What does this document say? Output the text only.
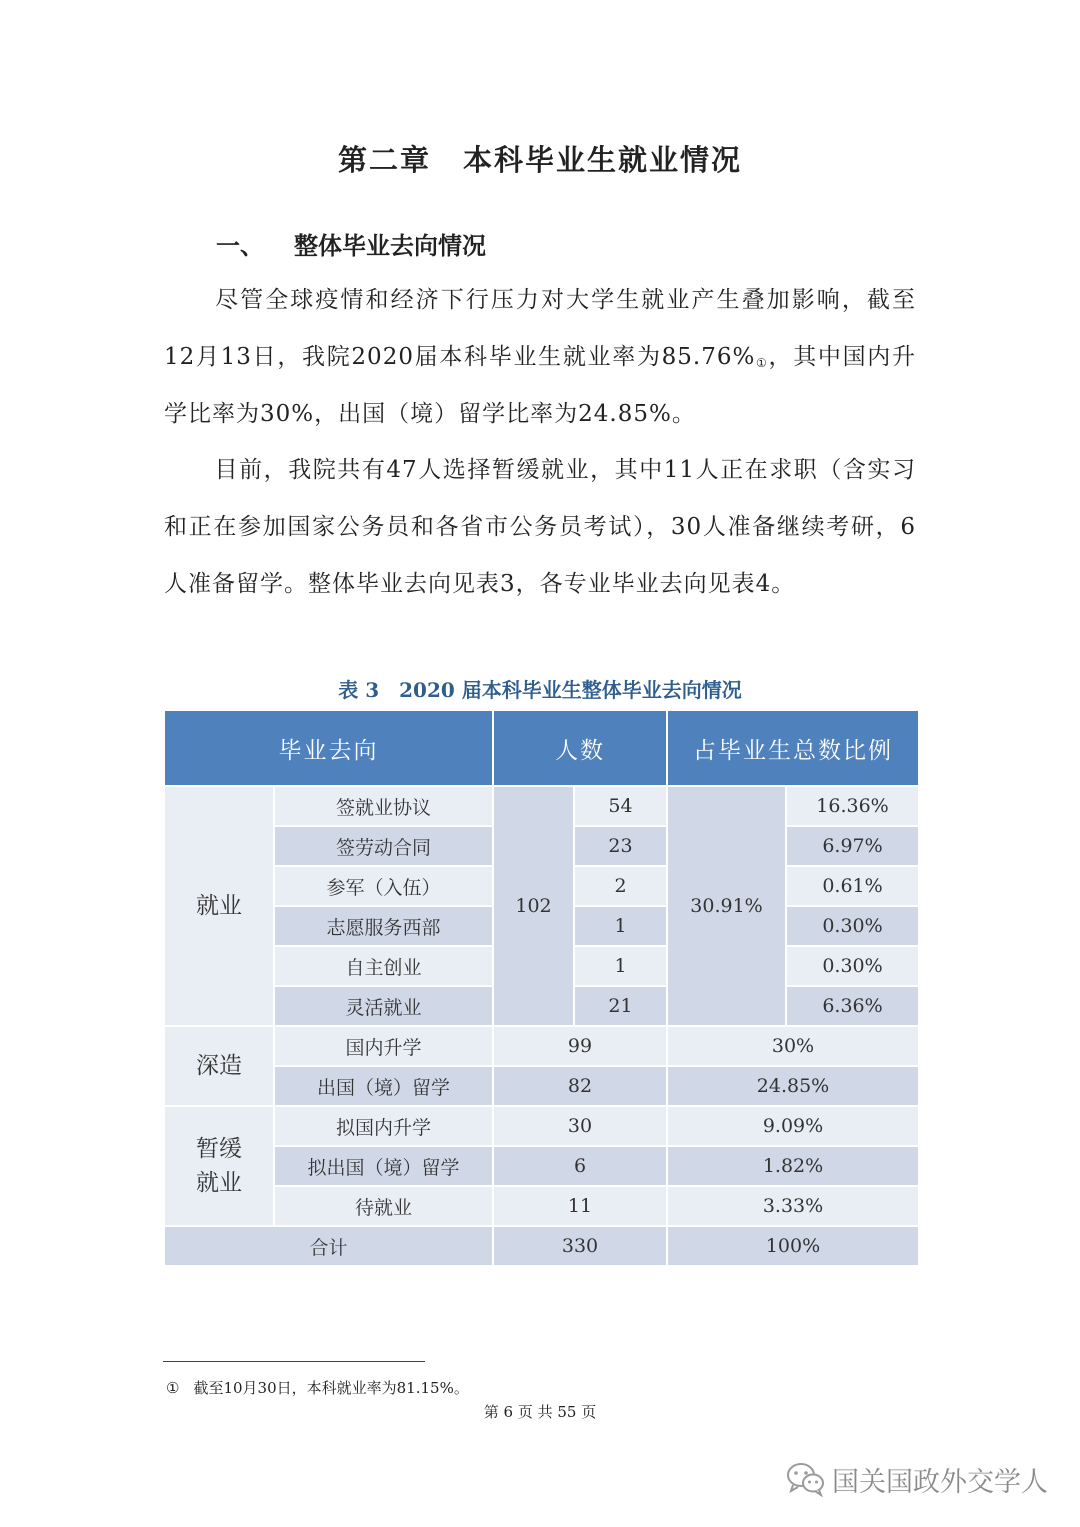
第二章 本科毕业生就业情况
一、 整体毕业去向情况

尽管全球疫情和经济下行压力对大学生就业产生叠加影响，截至12月13日，我院2020届本科毕业生就业率为85.76%①，其中国内升学比率为30%，出国（境）留学比率为24.85%。

目前，我院共有47人选择暂缓就业，其中11人正在求职（含实习和正在参加国家公务员和各省市公务员考试），30人准备继续考研，6人准备留学。整体毕业去向见表3，各专业毕业去向见表4。

表 3　2020 届本科毕业生整体毕业去向情况
毕业去向		人数		占毕业生总数比例	
就业	签就业协议	102	54	30.91%	16.36%
	签劳动合同		23		6.97%
	参军（入伍）		2		0.61%
	志愿服务西部		1		0.30%
	自主创业		1		0.30%
	灵活就业		21		6.36%
深造	国内升学	99		30%	
	出国（境）留学	82		24.85%	
暂缓
就业	拟国内升学	30		9.09%	
	拟出国（境）留学	6		1.82%	
	待就业	11		3.33%	
合计		330		100%	
① 截至10月30日，本科就业率为81.15%。
第 6 页 共 55 页
国关国政外交学人
